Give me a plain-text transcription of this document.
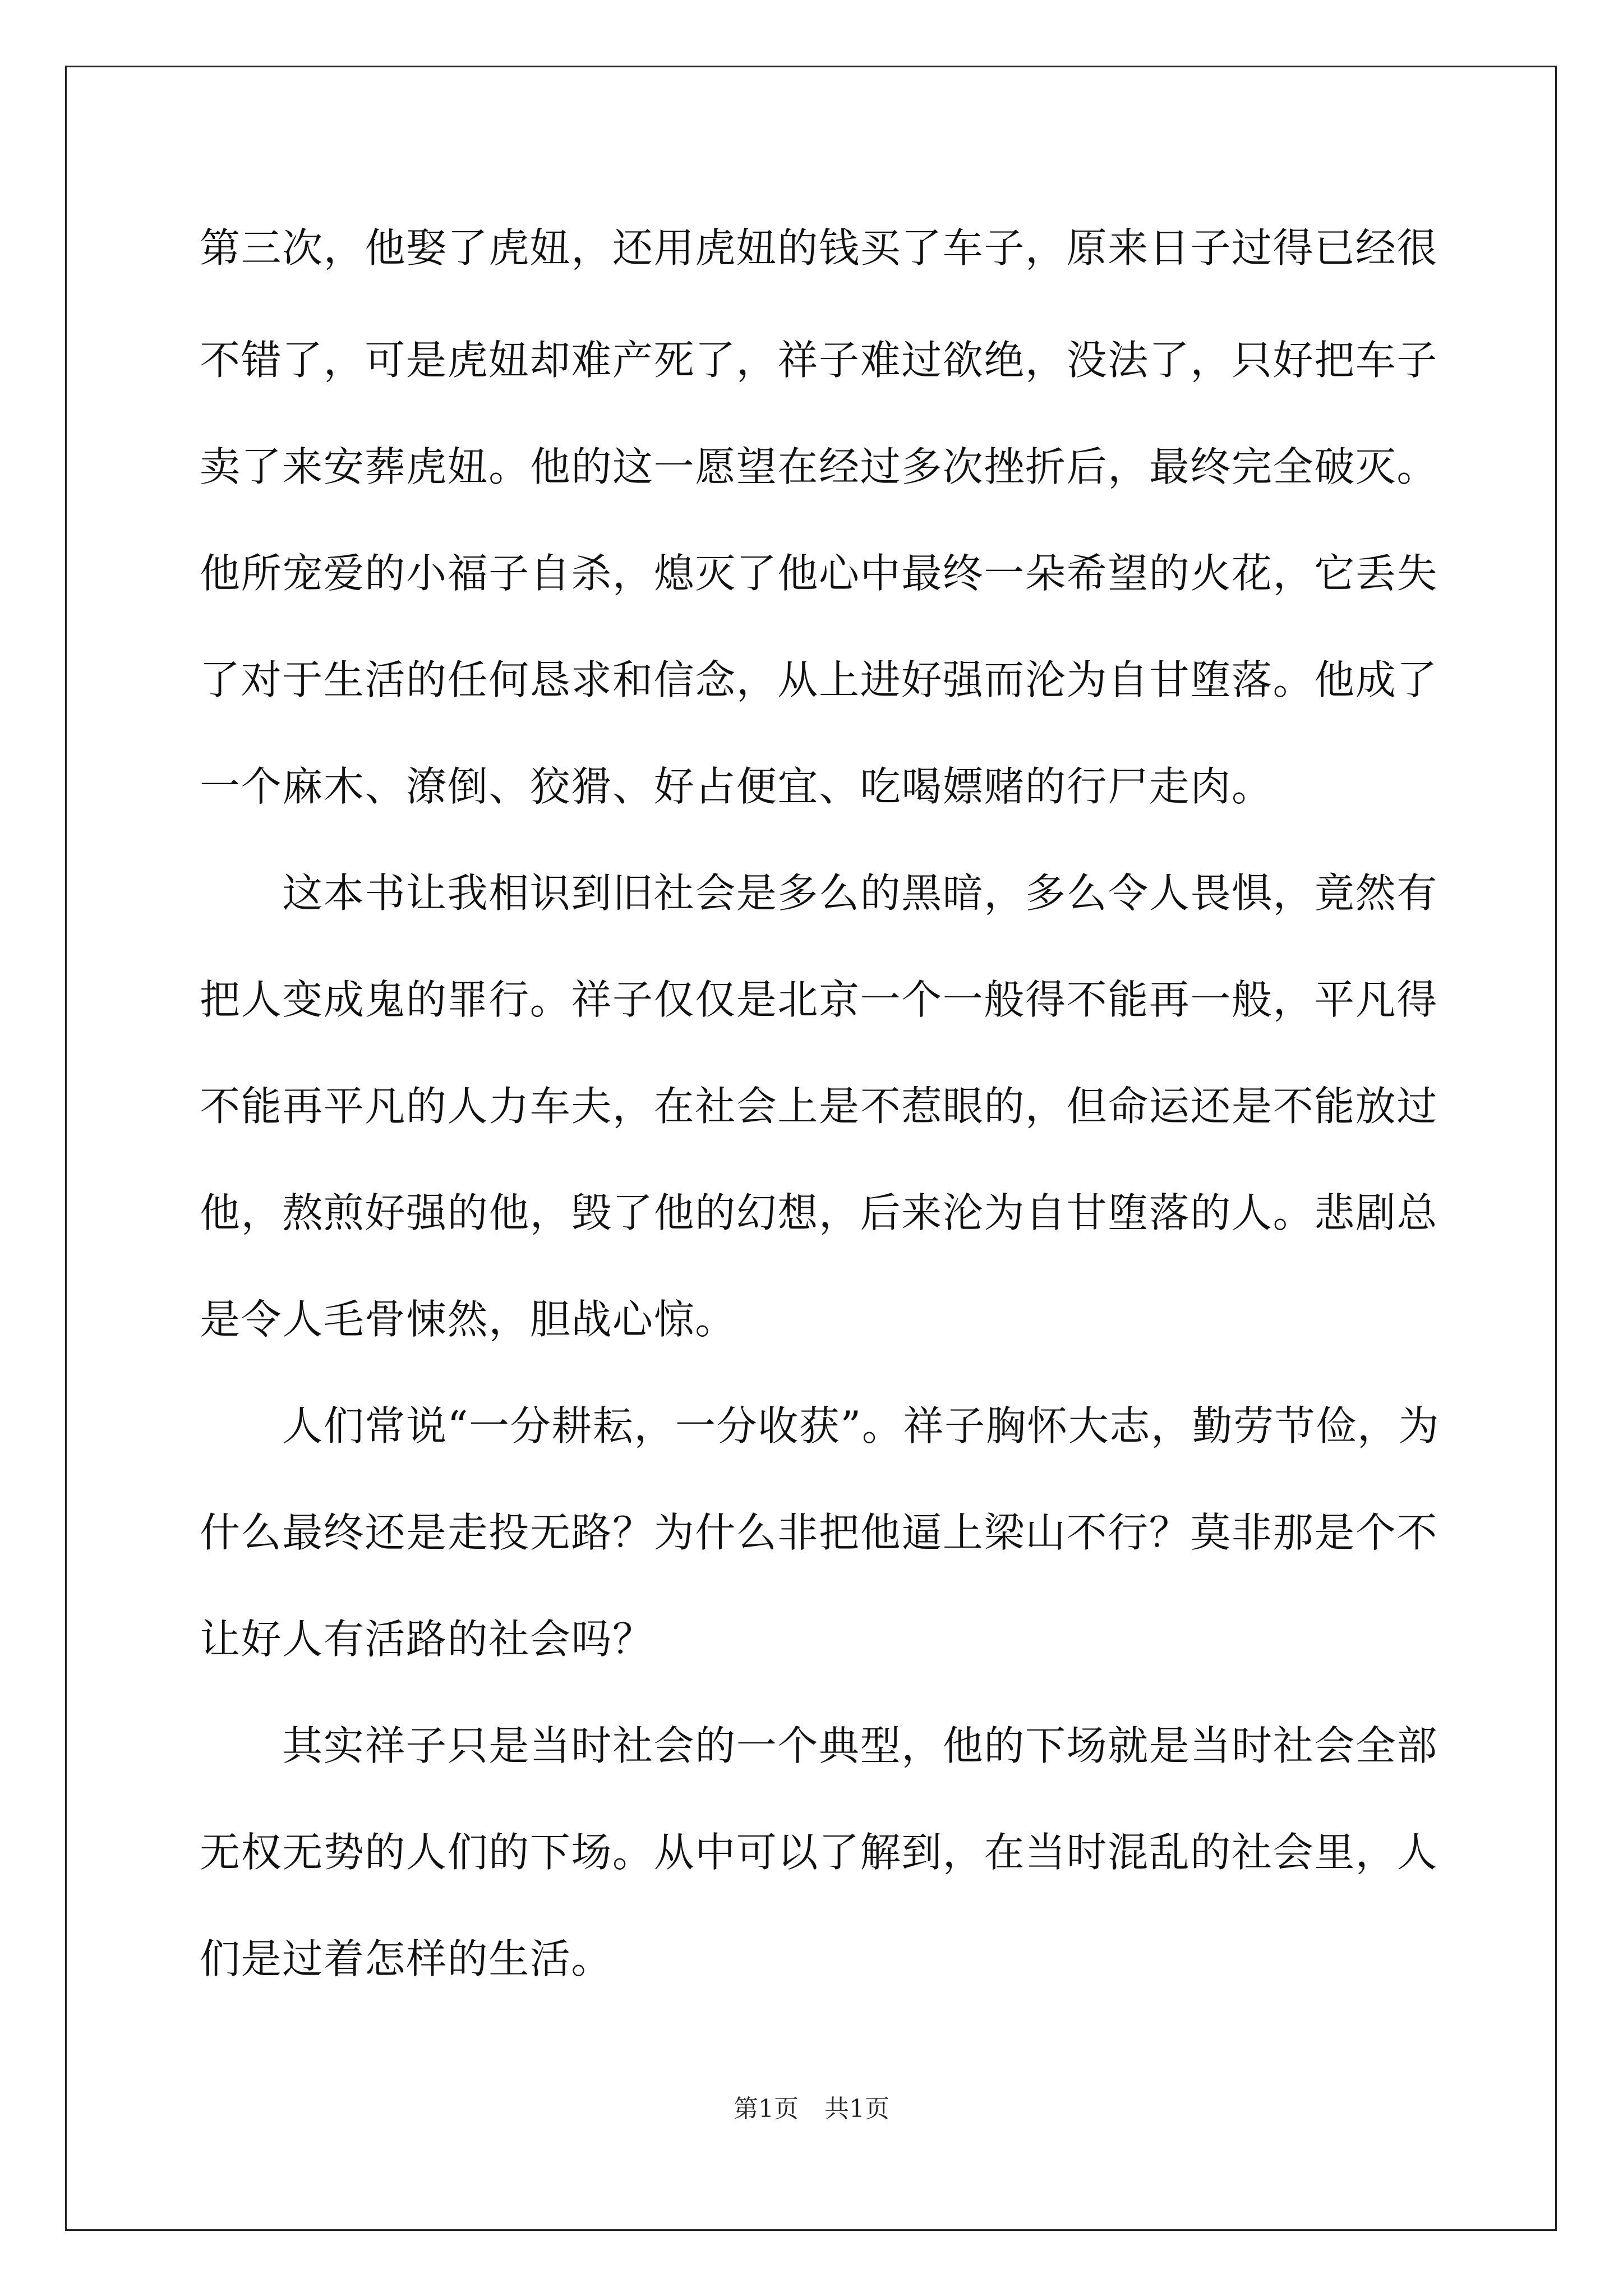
第三次，他娶了虎妞，还用虎妞的钱买了车子，原来日子过得已经很
不错了，可是虎妞却难产死了，祥子难过欲绝，没法了，只好把车子
卖了来安葬虎妞。他的这一愿望在经过多次挫折后，最终完全破灭。
他所宠爱的小福子自杀，熄灭了他心中最终一朵希望的火花，它丢失
了对于生活的任何恳求和信念，从上进好强而沦为自甘堕落。他成了
一个麻木、潦倒、狡猾、好占便宜、吃喝嫖赌的行尸走肉。
　　这本书让我相识到旧社会是多么的黑暗，多么令人畏惧，竟然有
把人变成鬼的罪行。祥子仅仅是北京一个一般得不能再一般，平凡得
不能再平凡的人力车夫，在社会上是不惹眼的，但命运还是不能放过
他，熬煎好强的他，毁了他的幻想，后来沦为自甘堕落的人。悲剧总
是令人毛骨悚然，胆战心惊。
　　人们常说“一分耕耘，一分收获”。祥子胸怀大志，勤劳节俭，为
什么最终还是走投无路？为什么非把他逼上梁山不行？莫非那是个不
让好人有活路的社会吗？
　　其实祥子只是当时社会的一个典型，他的下场就是当时社会全部
无权无势的人们的下场。从中可以了解到，在当时混乱的社会里，人
们是过着怎样的生活。
第1页 共1页
